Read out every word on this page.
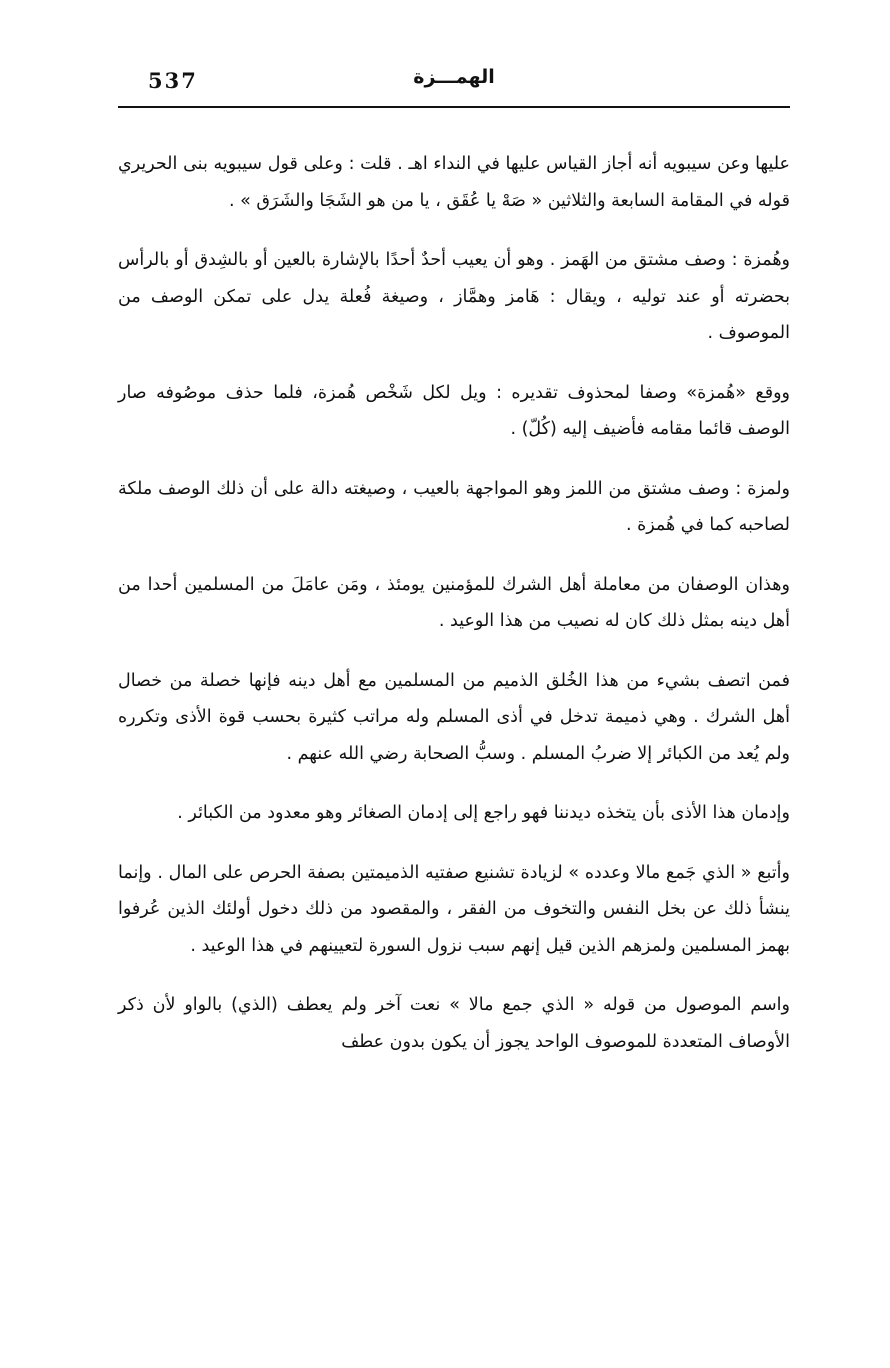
537	الهمـــزة

عليها وعن سيبويه أنه أجاز القياس عليها في النداء اهـ . قلت : وعلى قول سيبويه بنى الحريري قوله في المقامة السابعة والثلاثين « صَهْ يا عُقَق ، يا من هو الشَجَا والشَرَق » .

وهُمزة : وصف مشتق من الهَمز . وهو أن يعيب أحدٌ أحدًا بالإشارة بالعين أو بالشِدق أو بالرأس بحضرته أو عند توليه ، ويقال : هَامز وهمَّاز ، وصيغة فُعلة يدل على تمكن الوصف من الموصوف .

ووقع «هُمزة» وصفا لمحذوف تقديره : ويل لكل شَخْص هُمزة، فلما حذف موصُوفه صار الوصف قائما مقامه فأضيف إليه (كُلّ) .

ولمزة : وصف مشتق من اللمز وهو المواجهة بالعيب ، وصيغته دالة على أن ذلك الوصف ملكة لصاحبه كما في هُمزة .

وهذان الوصفان من معاملة أهل الشرك للمؤمنين يومئذ ، ومَن عامَلَ من المسلمين أحدا من أهل دينه بمثل ذلك كان له نصيب من هذا الوعيد .

فمن اتصف بشيء من هذا الخُلق الذميم من المسلمين مع أهل دينه فإنها خصلة من خصال أهل الشرك . وهي ذميمة تدخل في أذى المسلم وله مراتب كثيرة بحسب قوة الأذى وتكرره ولم يُعد من الكبائر إلا ضربُ المسلم . وسبُّ الصحابة رضي الله عنهم .

وإدمان هذا الأذى بأن يتخذه ديدننا فهو راجع إلى إدمان الصغائر وهو معدود من الكبائر .

وأتبع « الذي جَمع مالا وعدده » لزيادة تشنيع صفتيه الذميمتين بصفة الحرص على المال . وإنما ينشأ ذلك عن بخل النفس والتخوف من الفقر ، والمقصود من ذلك دخول أولئك الذين عُرفوا بهمز المسلمين ولمزهم الذين قيل إنهم سبب نزول السورة لتعيينهم في هذا الوعيد .

واسم الموصول من قوله « الذي جمع مالا » نعت آخر ولم يعطف (الذي) بالواو لأن ذكر الأوصاف المتعددة للموصوف الواحد يجوز أن يكون بدون عطف
